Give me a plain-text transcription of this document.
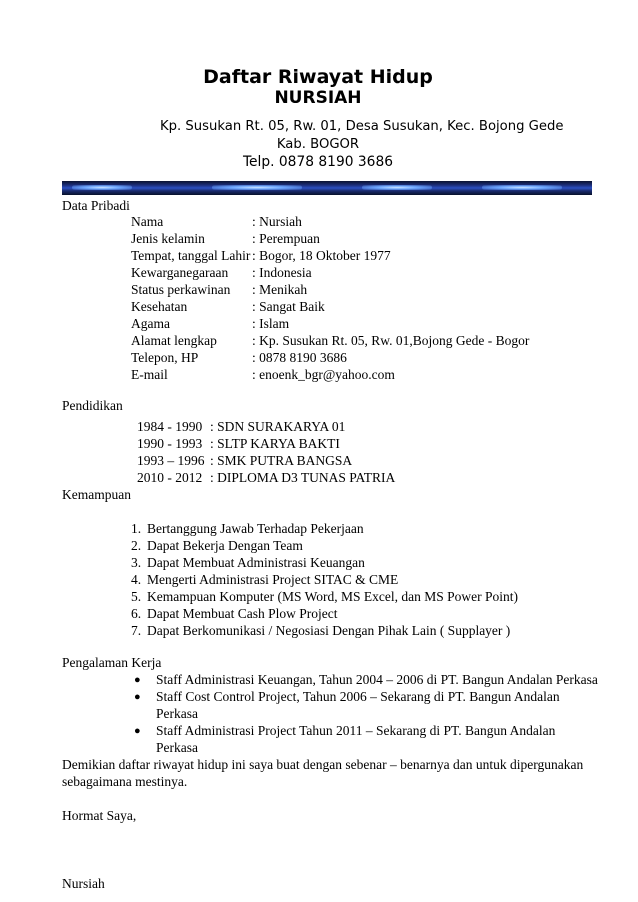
Daftar Riwayat Hidup
NURSIAH
Kp. Susukan Rt. 05, Rw. 01, Desa Susukan, Kec. Bojong Gede
Kab. BOGOR
Telp. 0878 8190 3686
Data Pribadi
Nama	: Nursiah
Jenis kelamin	: Perempuan
Tempat, tanggal Lahir : Bogor, 18 Oktober 1977
Kewarganegaraan : Indonesia
Status perkawinan : Menikah
Kesehatan	: Sangat Baik
Agama	: Islam
Alamat lengkap	: Kp. Susukan Rt. 05, Rw. 01,Bojong Gede - Bogor
Telepon, HP	: 0878 8190 3686
E-mail	: enoenk_bgr@yahoo.com
Pendidikan
1984 - 1990 : SDN SURAKARYA 01
1990 - 1993 : SLTP KARYA BAKTI
1993 – 1996 : SMK PUTRA BANGSA
2010 - 2012 : DIPLOMA D3 TUNAS PATRIA
Kemampuan
1. Bertanggung Jawab Terhadap Pekerjaan
2. Dapat Bekerja Dengan Team
3. Dapat Membuat Administrasi Keuangan
4. Mengerti Administrasi Project SITAC & CME
5. Kemampuan Komputer (MS Word, MS Excel, dan MS Power Point)
6. Dapat Membuat Cash Plow Project
7. Dapat Berkomunikasi / Negosiasi Dengan Pihak Lain ( Supplayer )
Pengalaman Kerja
● Staff Administrasi Keuangan, Tahun 2004 – 2006 di PT. Bangun Andalan Perkasa
● Staff Cost Control Project, Tahun 2006 – Sekarang di PT. Bangun Andalan
Perkasa
● Staff Administrasi Project Tahun 2011 – Sekarang di PT. Bangun Andalan
Perkasa
Demikian daftar riwayat hidup ini saya buat dengan sebenar – benarnya dan untuk dipergunakan
sebagaimana mestinya.
Hormat Saya,
Nursiah
